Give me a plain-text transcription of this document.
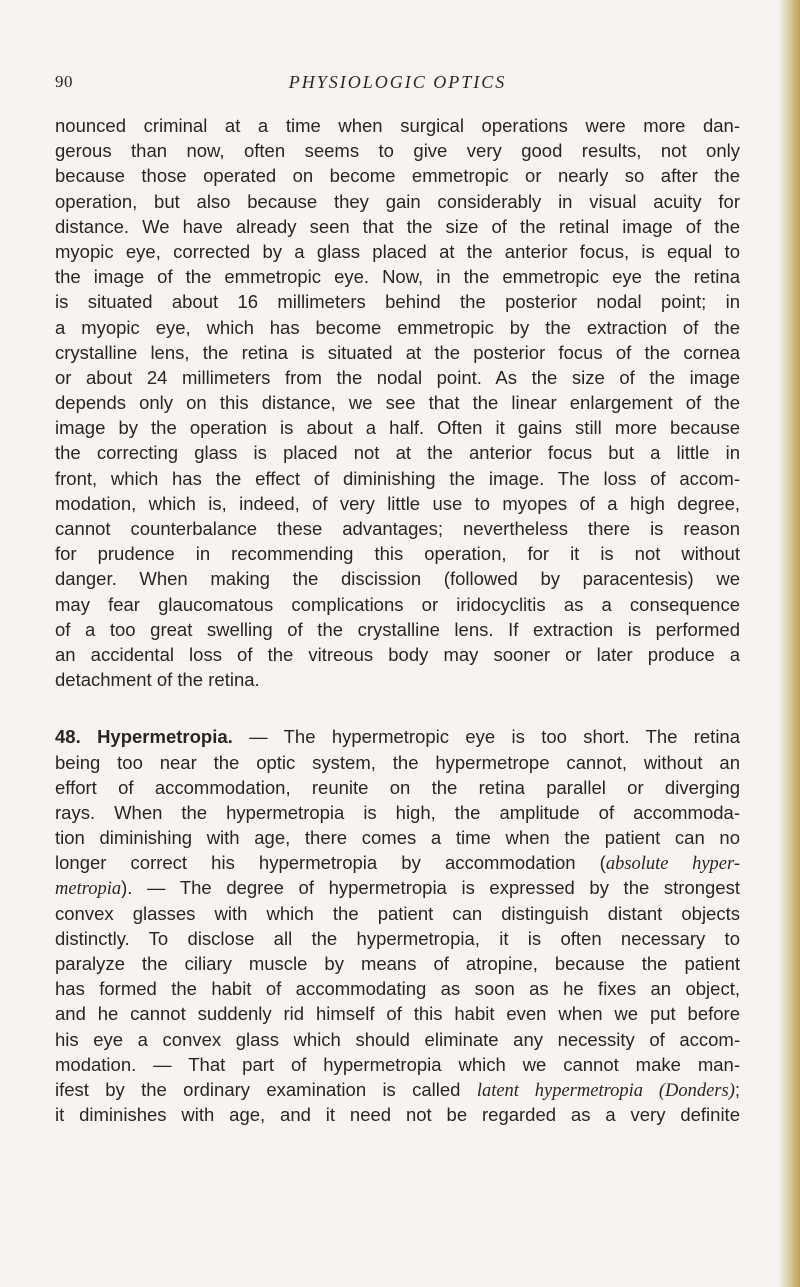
90	PHYSIOLOGIC OPTICS
nounced criminal at a time when surgical operations were more dan-
gerous than now, often seems to give very good results, not only
because those operated on become emmetropic or nearly so after the
operation, but also because they gain considerably in visual acuity for
distance. We have already seen that the size of the retinal image of the
myopic eye, corrected by a glass placed at the anterior focus, is equal to
the image of the emmetropic eye. Now, in the emmetropic eye the retina
is situated about 16 millimeters behind the posterior nodal point; in
a myopic eye, which has become emmetropic by the extraction of the
crystalline lens, the retina is situated at the posterior focus of the cornea
or about 24 millimeters from the nodal point. As the size of the image
depends only on this distance, we see that the linear enlargement of the
image by the operation is about a half. Often it gains still more because
the correcting glass is placed not at the anterior focus but a little in
front, which has the effect of diminishing the image. The loss of accom-
modation, which is, indeed, of very little use to myopes of a high degree,
cannot counterbalance these advantages; nevertheless there is reason
for prudence in recommending this operation, for it is not without
danger. When making the discission (followed by paracentesis) we
may fear glaucomatous complications or iridocyclitis as a consequence
of a too great swelling of the crystalline lens. If extraction is performed
an accidental loss of the vitreous body may sooner or later produce a
detachment of the retina.
48. Hypermetropia. — The hypermetropic eye is too short. The retina
being too near the optic system, the hypermetrope cannot, without an
effort of accommodation, reunite on the retina parallel or diverging
rays. When the hypermetropia is high, the amplitude of accommoda-
tion diminishing with age, there comes a time when the patient can no
longer correct his hypermetropia by accommodation (absolute hyper-
metropia). — The degree of hypermetropia is expressed by the strongest
convex glasses with which the patient can distinguish distant objects
distinctly. To disclose all the hypermetropia, it is often necessary to
paralyze the ciliary muscle by means of atropine, because the patient
has formed the habit of accommodating as soon as he fixes an object,
and he cannot suddenly rid himself of this habit even when we put before
his eye a convex glass which should eliminate any necessity of accom-
modation. — That part of hypermetropia which we cannot make man-
ifest by the ordinary examination is called latent hypermetropia (Donders);
it diminishes with age, and it need not be regarded as a very definite
